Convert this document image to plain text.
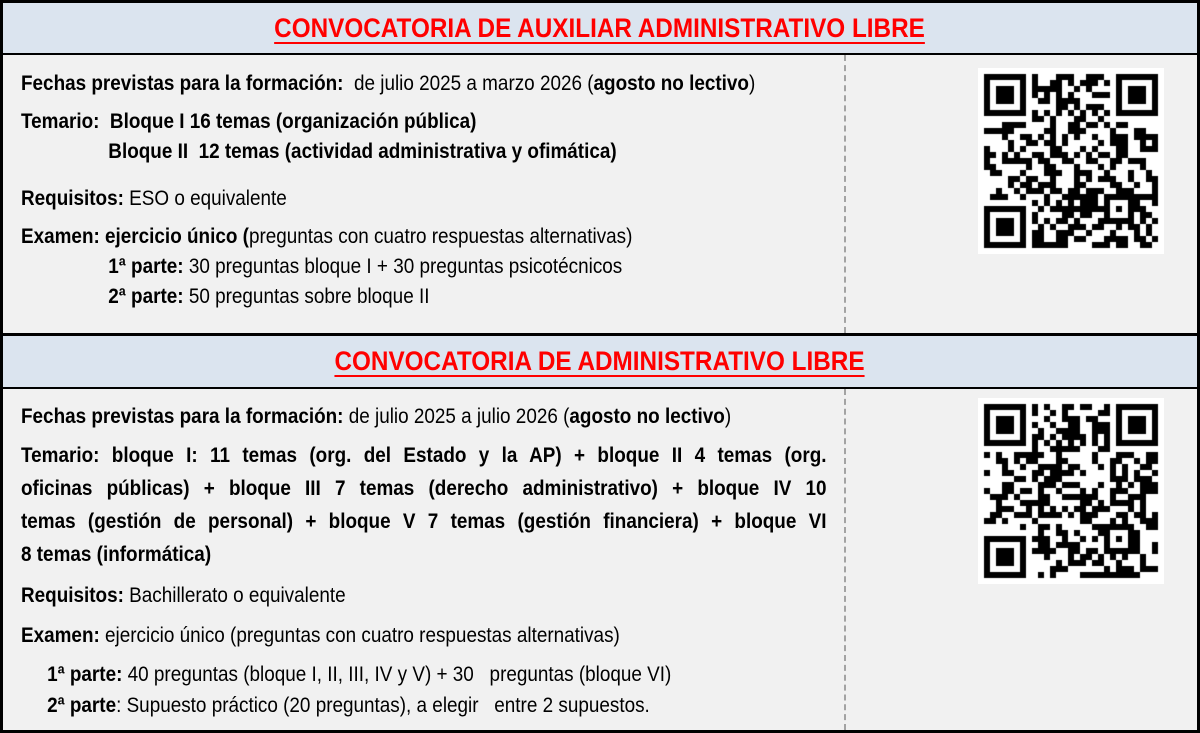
CONVOCATORIA DE AUXILIAR ADMINISTRATIVO LIBRE
Fechas previstas para la formación:  de julio 2025 a marzo 2026 (agosto no lectivo)
Temario:  Bloque I 16 temas (organización pública)
Bloque II  12 temas (actividad administrativa y ofimática)
Requisitos: ESO o equivalente
Examen: ejercicio único (preguntas con cuatro respuestas alternativas)
1ª parte: 30 preguntas bloque I + 30 preguntas psicotécnicos
2ª parte: 50 preguntas sobre bloque II
CONVOCATORIA DE ADMINISTRATIVO LIBRE
Fechas previstas para la formación: de julio 2025 a julio 2026 (agosto no lectivo)
Temario: bloque I: 11 temas (org. del Estado y la AP) + bloque II 4 temas (org.
oficinas públicas) + bloque III 7 temas (derecho administrativo) + bloque IV 10
temas (gestión de personal) + bloque V 7 temas (gestión financiera) + bloque VI
8 temas (informática)
Requisitos: Bachillerato o equivalente
Examen: ejercicio único (preguntas con cuatro respuestas alternativas)
1ª parte: 40 preguntas (bloque I, II, III, IV y V) + 30   preguntas (bloque VI)
2ª parte: Supuesto práctico (20 preguntas), a elegir   entre 2 supuestos.
